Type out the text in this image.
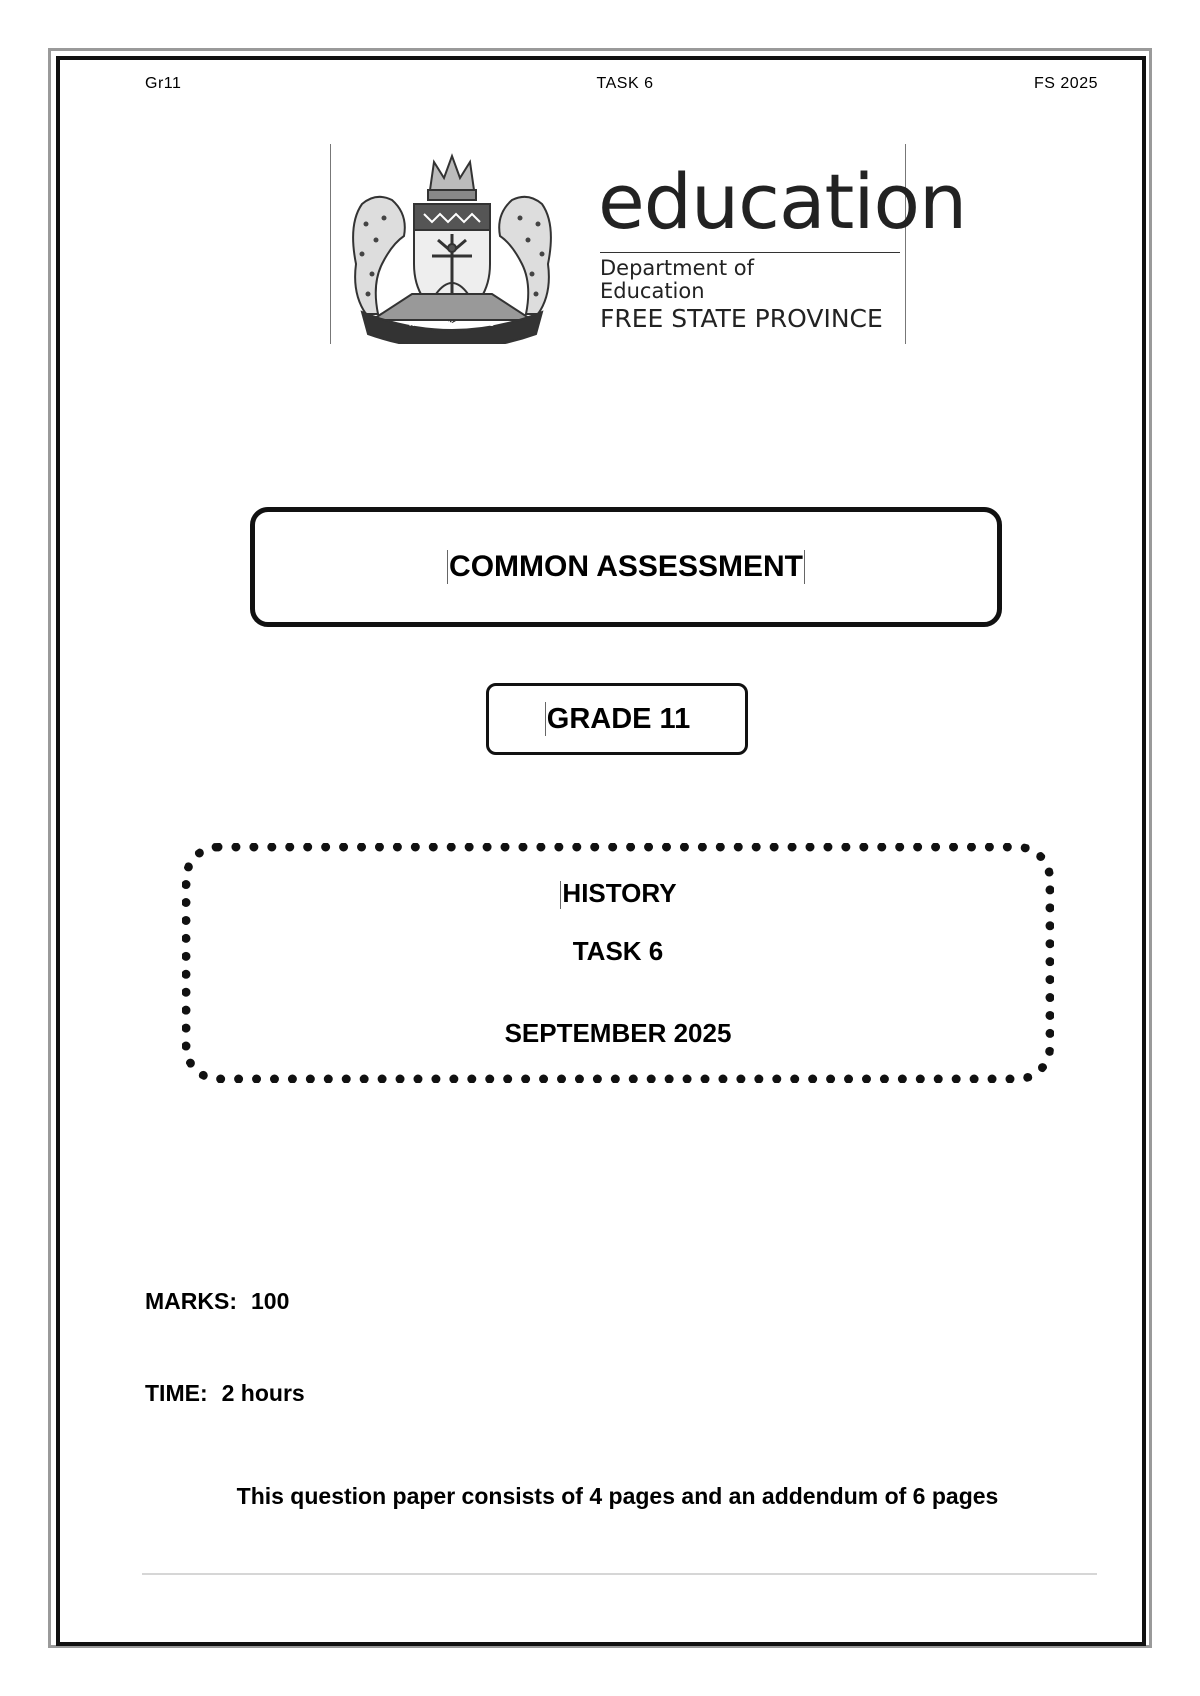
Gr11	TASK 6	FS 2025
KATLEHO KA KOPANO
education
Department of
Education
FREE STATE PROVINCE
COMMON ASSESSMENT
GRADE 11
HISTORY
TASK 6
SEPTEMBER 2025
MARKS: 100
TIME: 2 hours
This question paper consists of 4 pages and an addendum of 6 pages
